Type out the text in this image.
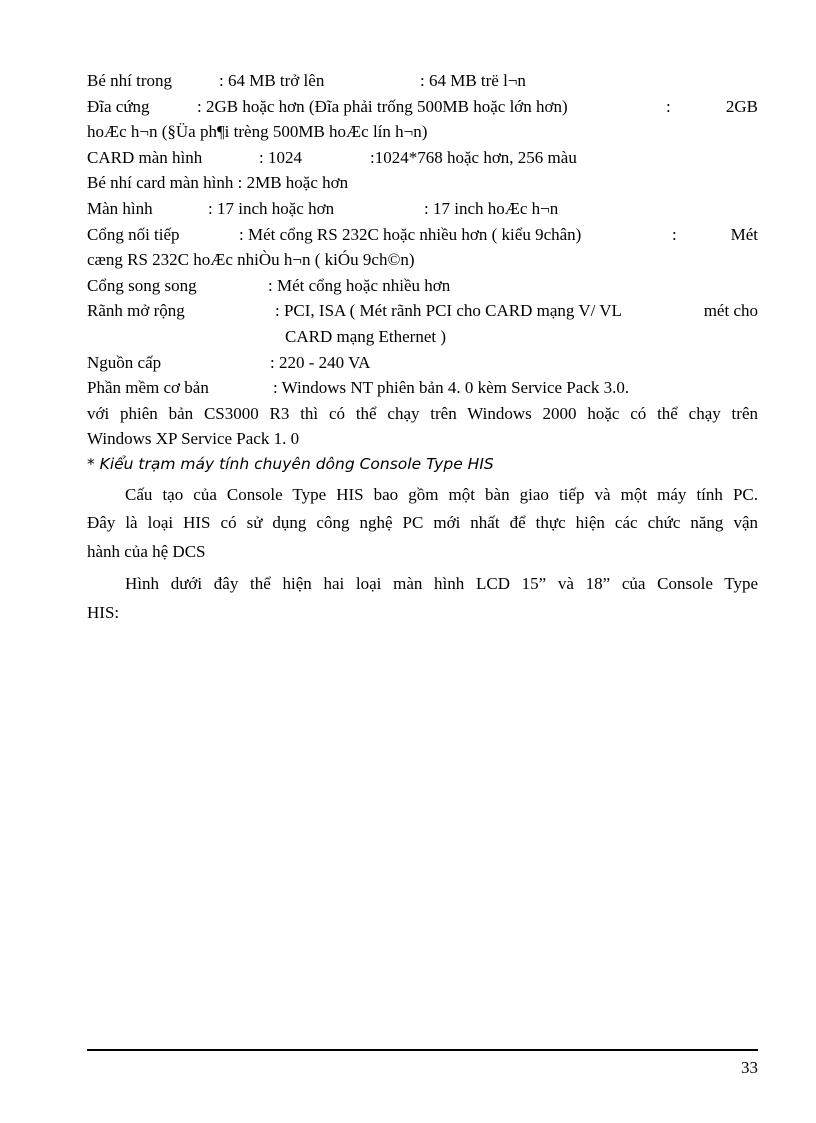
Bé nhí trong	: 64 MB trở lên	: 64 MB trë l¬n
Đĩa cứng	: 2GB hoặc hơn (Đĩa phải trống 500MB hoặc lớn hơn)	:	2GB
hoÆc h¬n (§Üa ph¶i trèng 500MB hoÆc lín h¬n)
CARD màn hình	: 1024	:1024*768 hoặc hơn, 256 màu
Bé nhí card màn hình : 2MB hoặc hơn
Màn hình	: 17 inch hoặc hơn	: 17 inch hoÆc h¬n
Cổng nối tiếp	: Mét cổng RS 232C hoặc nhiều hơn ( kiểu 9chân)	:	Mét
cæng RS 232C hoÆc nhiÒu h¬n ( kiÓu 9ch©n)
Cổng song song	: Mét cổng hoặc nhiều hơn
Rãnh mở rộng	: PCI, ISA ( Mét rãnh PCI cho CARD mạng V/ VL	mét cho
CARD mạng Ethernet )
Nguồn cấp	: 220 - 240 VA
Phần mềm cơ bản	: Windows NT phiên bản 4. 0 kèm Service Pack 3.0.
với phiên bản CS3000 R3 thì có thể chạy trên Windows 2000 hoặc có thể chạy trên
Windows XP Service Pack 1. 0
* Kiểu trạm máy tính chuyên dông Console Type HIS
Cấu tạo của Console Type HIS bao gồm một bàn giao tiếp và một máy tính PC.
Đây là loại HIS có sử dụng công nghệ PC mới nhất để thực hiện các chức năng vận
hành của hệ DCS
Hình dưới đây thể hiện hai loại màn hình LCD 15” và 18” của Console Type
HIS:
33
